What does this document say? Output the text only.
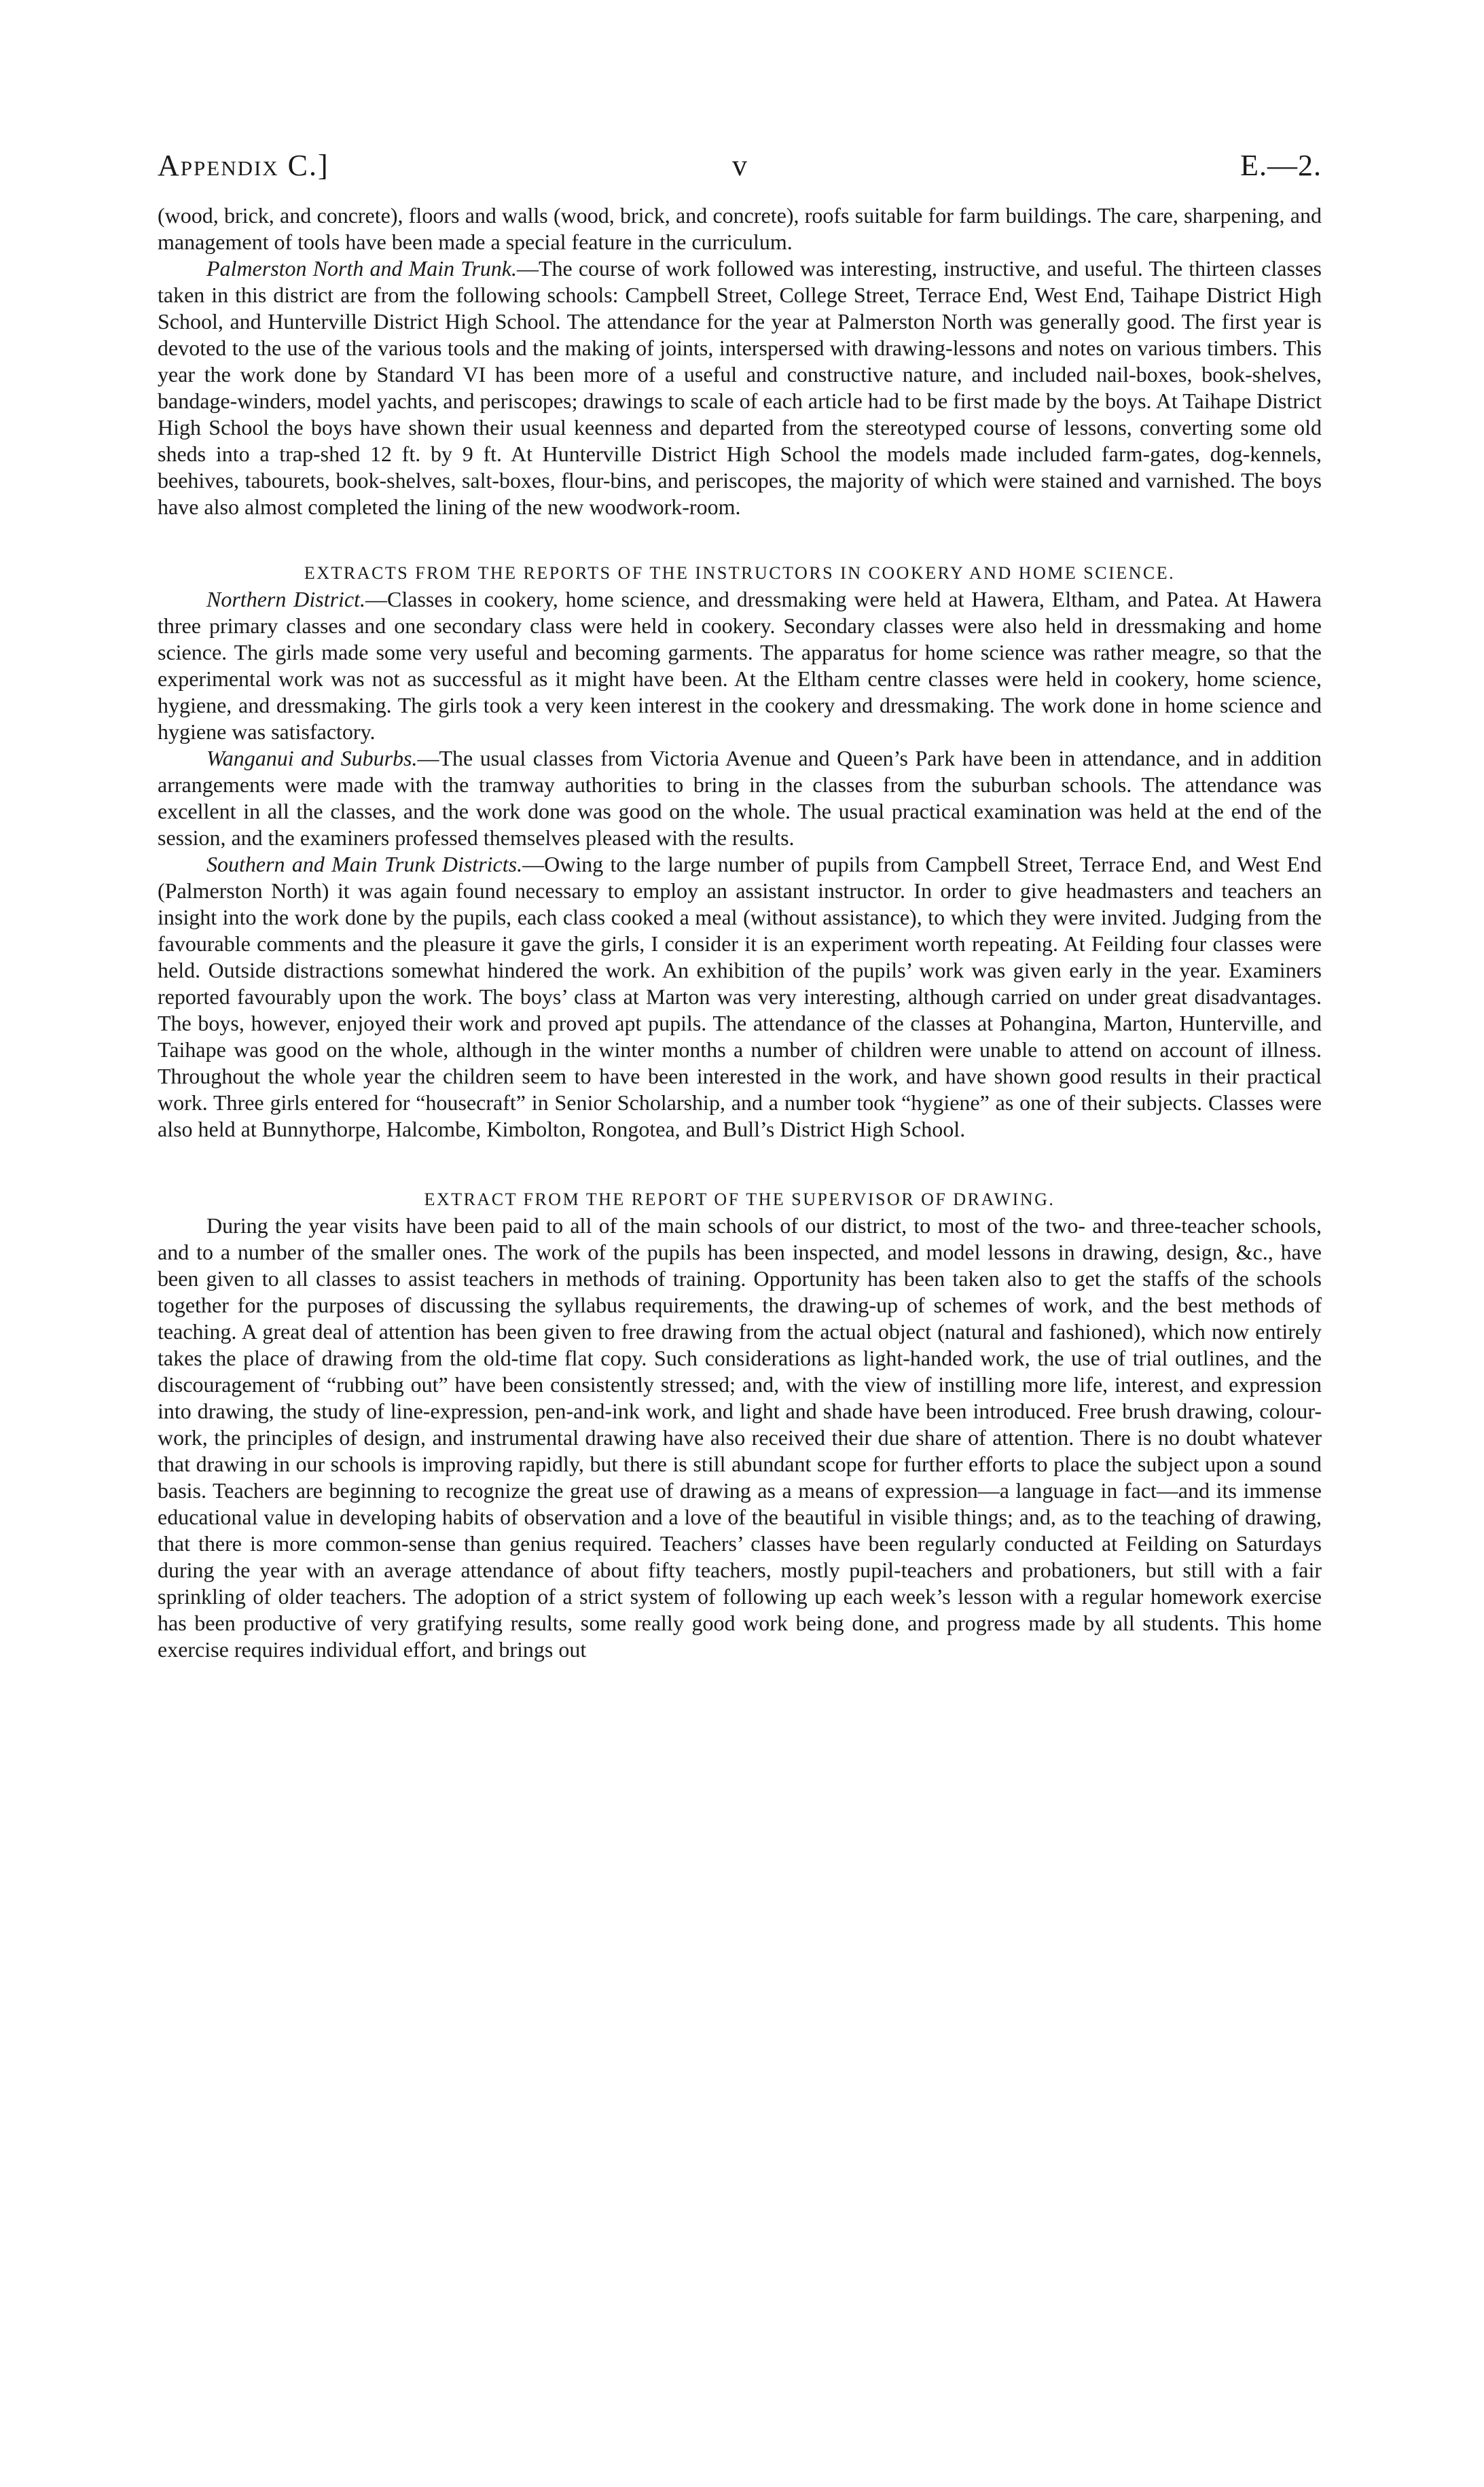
Appendix C.]	v	E.—2.

(wood, brick, and concrete), floors and walls (wood, brick, and concrete), roofs suitable for farm buildings. The care, sharpening, and management of tools have been made a special feature in the curriculum.

Palmerston North and Main Trunk.—The course of work followed was interesting, instructive, and useful. The thirteen classes taken in this district are from the following schools: Campbell Street, College Street, Terrace End, West End, Taihape District High School, and Hunterville District High School. The attendance for the year at Palmerston North was generally good. The first year is devoted to the use of the various tools and the making of joints, interspersed with drawing-lessons and notes on various timbers. This year the work done by Standard VI has been more of a useful and constructive nature, and included nail-boxes, book-shelves, bandage-winders, model yachts, and periscopes; drawings to scale of each article had to be first made by the boys. At Taihape District High School the boys have shown their usual keenness and departed from the stereotyped course of lessons, converting some old sheds into a trap-shed 12 ft. by 9 ft. At Hunterville District High School the models made included farm-gates, dog-kennels, beehives, tabourets, book-shelves, salt-boxes, flour-bins, and periscopes, the majority of which were stained and varnished. The boys have also almost completed the lining of the new woodwork-room.

EXTRACTS FROM THE REPORTS OF THE INSTRUCTORS IN COOKERY AND HOME SCIENCE.

Northern District.—Classes in cookery, home science, and dressmaking were held at Hawera, Eltham, and Patea. At Hawera three primary classes and one secondary class were held in cookery. Secondary classes were also held in dressmaking and home science. The girls made some very useful and becoming garments. The apparatus for home science was rather meagre, so that the experimental work was not as successful as it might have been. At the Eltham centre classes were held in cookery, home science, hygiene, and dressmaking. The girls took a very keen interest in the cookery and dressmaking. The work done in home science and hygiene was satisfactory.

Wanganui and Suburbs.—The usual classes from Victoria Avenue and Queen’s Park have been in attendance, and in addition arrangements were made with the tramway authorities to bring in the classes from the suburban schools. The attendance was excellent in all the classes, and the work done was good on the whole. The usual practical examination was held at the end of the session, and the examiners professed themselves pleased with the results.

Southern and Main Trunk Districts.—Owing to the large number of pupils from Campbell Street, Terrace End, and West End (Palmerston North) it was again found necessary to employ an assistant instructor. In order to give headmasters and teachers an insight into the work done by the pupils, each class cooked a meal (without assistance), to which they were invited. Judging from the favourable comments and the pleasure it gave the girls, I consider it is an experiment worth repeating. At Feilding four classes were held. Outside distractions somewhat hindered the work. An exhibition of the pupils’ work was given early in the year. Examiners reported favourably upon the work. The boys’ class at Marton was very interesting, although carried on under great disadvantages. The boys, however, enjoyed their work and proved apt pupils. The attendance of the classes at Pohangina, Marton, Hunterville, and Taihape was good on the whole, although in the winter months a number of children were unable to attend on account of illness. Throughout the whole year the children seem to have been interested in the work, and have shown good results in their practical work. Three girls entered for “housecraft” in Senior Scholarship, and a number took “hygiene” as one of their subjects. Classes were also held at Bunnythorpe, Halcombe, Kimbolton, Rongotea, and Bull’s District High School.

EXTRACT FROM THE REPORT OF THE SUPERVISOR OF DRAWING.

During the year visits have been paid to all of the main schools of our district, to most of the two- and three-teacher schools, and to a number of the smaller ones. The work of the pupils has been inspected, and model lessons in drawing, design, &c., have been given to all classes to assist teachers in methods of training. Opportunity has been taken also to get the staffs of the schools together for the purposes of discussing the syllabus requirements, the drawing-up of schemes of work, and the best methods of teaching. A great deal of attention has been given to free drawing from the actual object (natural and fashioned), which now entirely takes the place of drawing from the old-time flat copy. Such considerations as light-handed work, the use of trial outlines, and the discouragement of “rubbing out” have been consistently stressed; and, with the view of instilling more life, interest, and expression into drawing, the study of line-expression, pen-and-ink work, and light and shade have been introduced. Free brush drawing, colour-work, the principles of design, and instrumental drawing have also received their due share of attention. There is no doubt whatever that drawing in our schools is improving rapidly, but there is still abundant scope for further efforts to place the subject upon a sound basis. Teachers are beginning to recognize the great use of drawing as a means of expression—a language in fact—and its immense educational value in developing habits of observation and a love of the beautiful in visible things; and, as to the teaching of drawing, that there is more common-sense than genius required. Teachers’ classes have been regularly conducted at Feilding on Saturdays during the year with an average attendance of about fifty teachers, mostly pupil-teachers and probationers, but still with a fair sprinkling of older teachers. The adoption of a strict system of following up each week’s lesson with a regular homework exercise has been productive of very gratifying results, some really good work being done, and progress made by all students. This home exercise requires individual effort, and brings out
